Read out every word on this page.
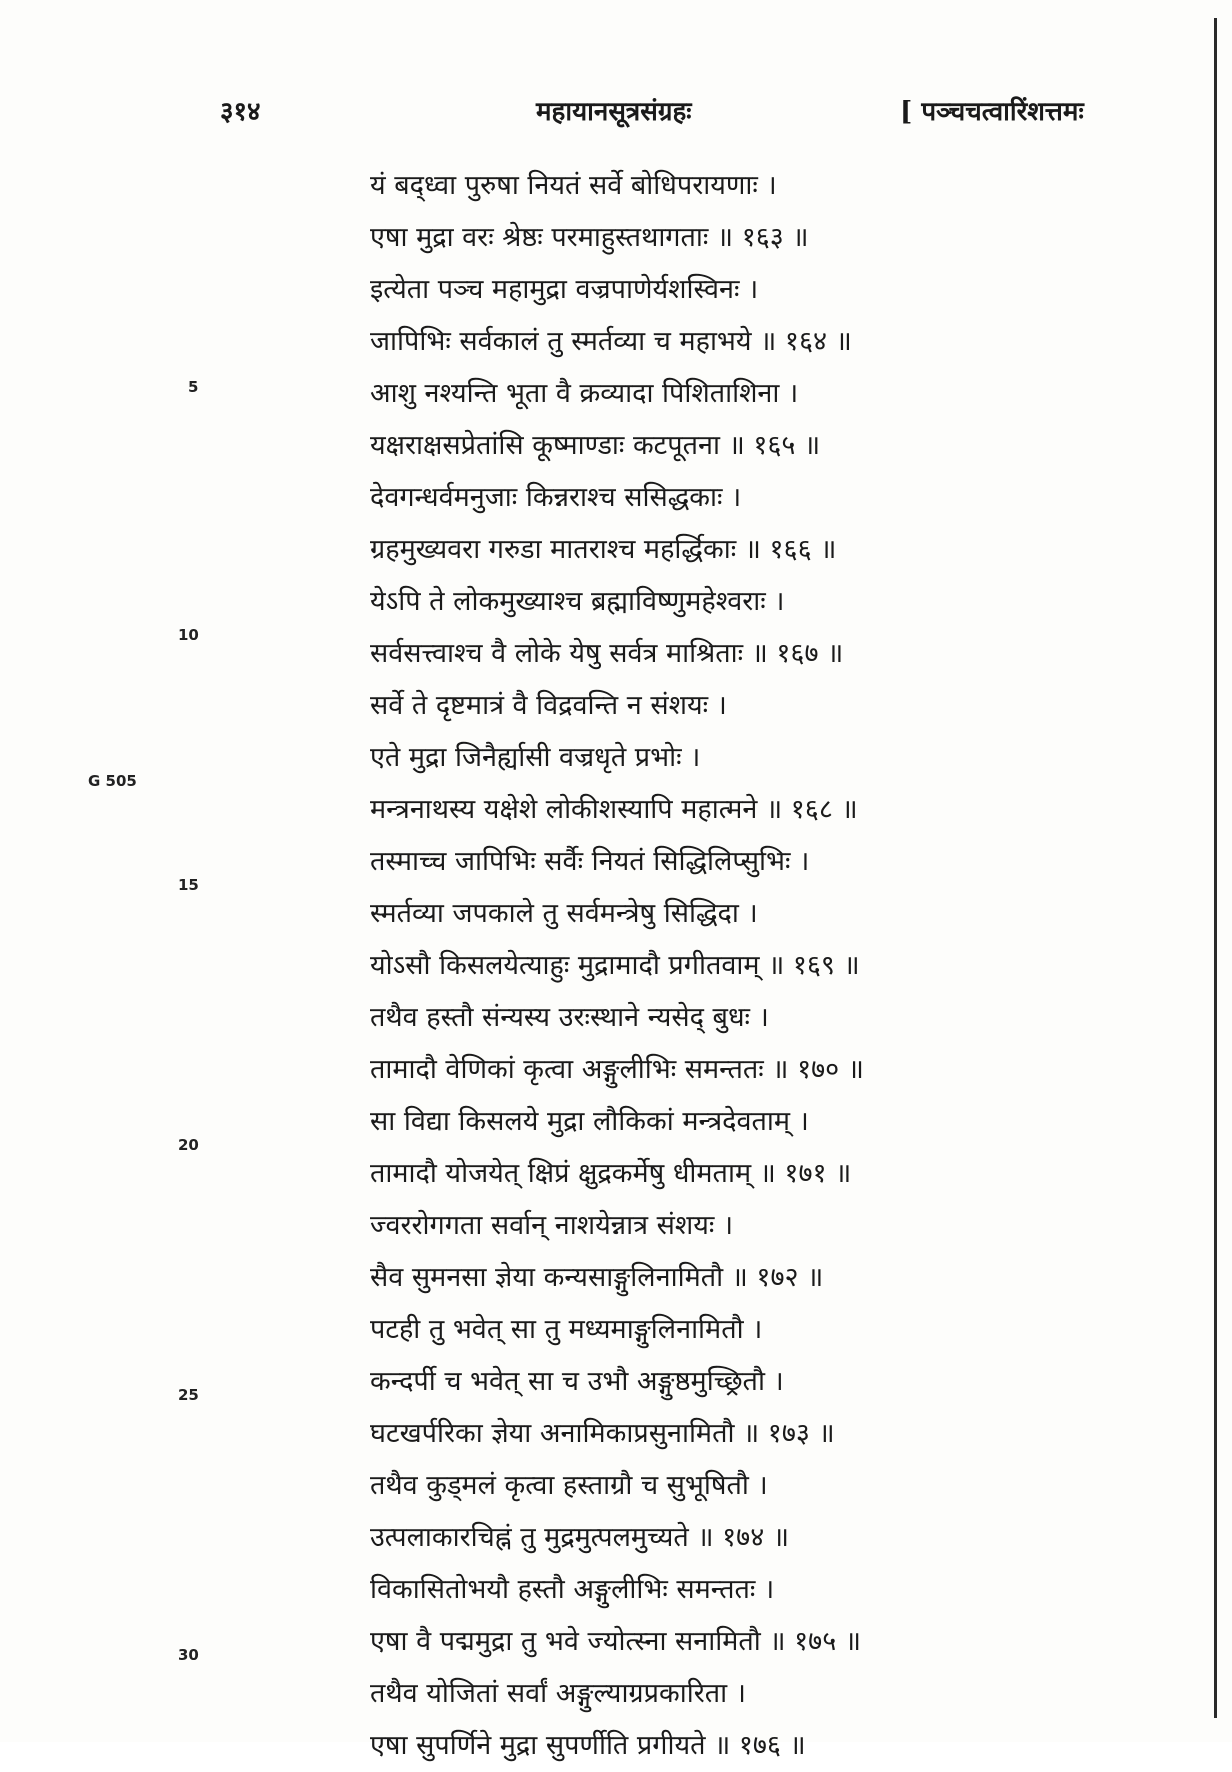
३१४	महायानसूत्रसंग्रहः	[ पञ्चचत्वारिंशत्तमः
यं बद्ध्वा पुरुषा नियतं सर्वे बोधिपरायणाः ।
एषा मुद्रा वरः श्रेष्ठः परमाहुस्तथागताः ॥ १६३ ॥
इत्येता पञ्च महामुद्रा वज्रपाणेर्यशस्विनः ।
जापिभिः सर्वकालं तु स्मर्तव्या च महाभये ॥ १६४ ॥
आशु नश्यन्ति भूता वै क्रव्यादा पिशिताशिना ।
यक्षराक्षसप्रेतांसि कूष्माण्डाः कटपूतना ॥ १६५ ॥
देवगन्धर्वमनुजाः किन्नराश्च ससिद्धकाः ।
ग्रहमुख्यवरा गरुडा मातराश्च महर्द्धिकाः ॥ १६६ ॥
येऽपि ते लोकमुख्याश्च ब्रह्माविष्णुमहेश्वराः ।
सर्वसत्त्वाश्च वै लोके येषु सर्वत्र माश्रिताः ॥ १६७ ॥
सर्वे ते दृष्टमात्रं वै विद्रवन्ति न संशयः ।
एते मुद्रा जिनैर्ह्यासी वज्रधृते प्रभोः ।
मन्त्रनाथस्य यक्षेशे लोकीशस्यापि महात्मने ॥ १६८ ॥
तस्माच्च जापिभिः सर्वैः नियतं सिद्धिलिप्सुभिः ।
स्मर्तव्या जपकाले तु सर्वमन्त्रेषु सिद्धिदा ।
योऽसौ किसलयेत्याहुः मुद्रामादौ प्रगीतवाम् ॥ १६९ ॥
तथैव हस्तौ संन्यस्य उरःस्थाने न्यसेद् बुधः ।
तामादौ वेणिकां कृत्वा अङ्गुलीभिः समन्ततः ॥ १७० ॥
सा विद्या किसलये मुद्रा लौकिकां मन्त्रदेवताम् ।
तामादौ योजयेत् क्षिप्रं क्षुद्रकर्मेषु धीमताम् ॥ १७१ ॥
ज्वररोगगता सर्वान् नाशयेन्नात्र संशयः ।
सैव सुमनसा ज्ञेया कन्यसाङ्गुलिनामितौ ॥ १७२ ॥
पटही तु भवेत् सा तु मध्यमाङ्गुलिनामितौ ।
कन्दर्पी च भवेत् सा च उभौ अङ्गुष्ठमुच्छ्रितौ ।
घटखर्परिका ज्ञेया अनामिकाप्रसुनामितौ ॥ १७३ ॥
तथैव कुड्मलं कृत्वा हस्ताग्रौ च सुभूषितौ ।
उत्पलाकारचिह्नं तु मुद्रमुत्पलमुच्यते ॥ १७४ ॥
विकासितोभयौ हस्तौ अङ्गुलीभिः समन्ततः ।
एषा वै पद्ममुद्रा तु भवे ज्योत्स्ना सनामितौ ॥ १७५ ॥
तथैव योजितां सर्वां अङ्गुल्याग्रप्रकारिता ।
एषा सुपर्णिने मुद्रा सुपर्णीति प्रगीयते ॥ १७६ ॥
5
10
G 505
15
20
25
30
